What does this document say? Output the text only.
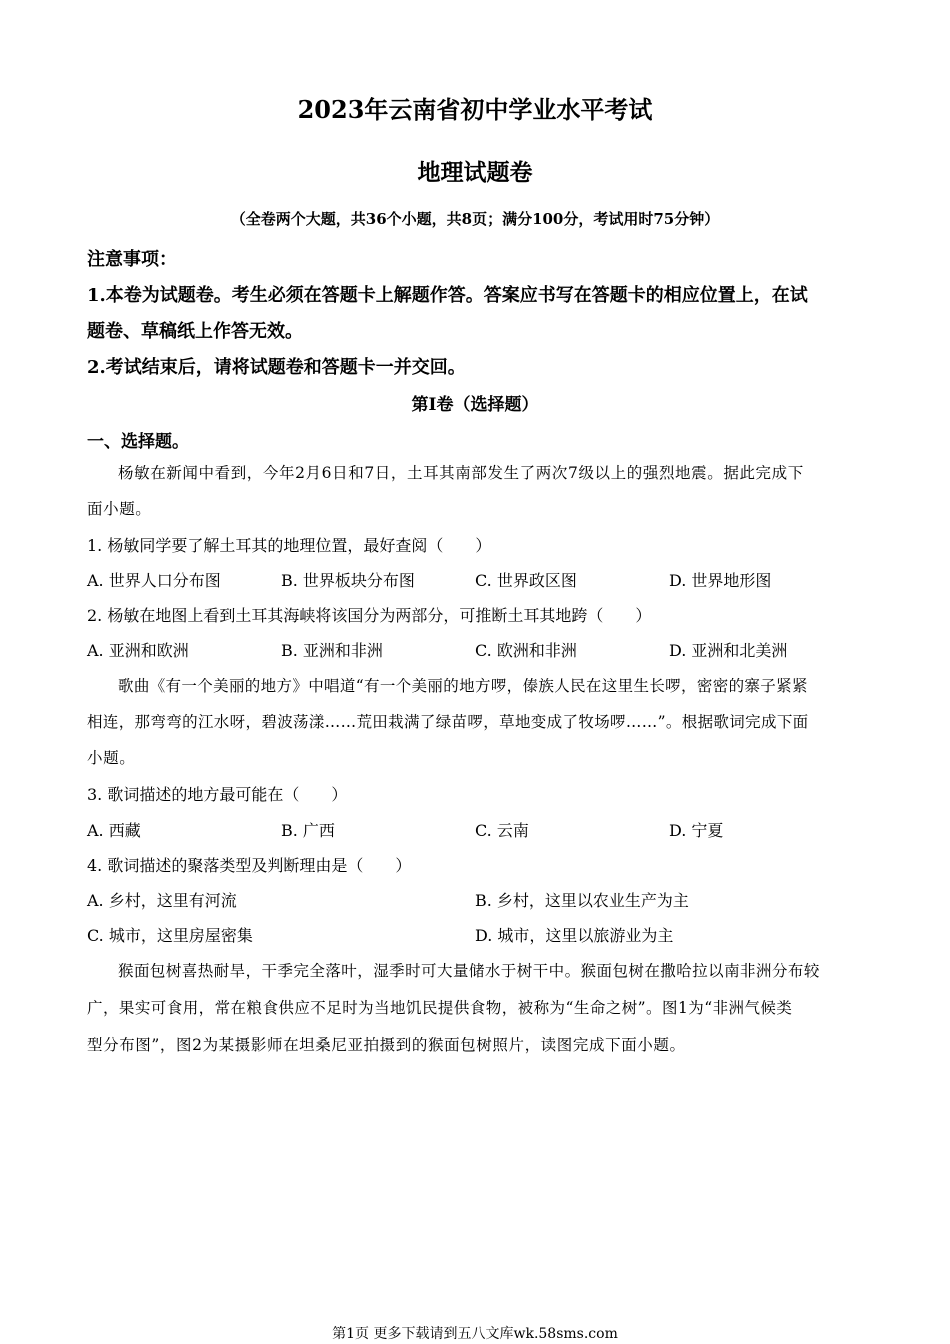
2023年云南省初中学业水平考试
地理试题卷
（全卷两个大题，共36个小题，共8页；满分100分，考试用时75分钟）
注意事项：
1.本卷为试题卷。考生必须在答题卡上解题作答。答案应书写在答题卡的相应位置上，在试
题卷、草稿纸上作答无效。
2.考试结束后，请将试题卷和答题卡一并交回。
第Ⅰ卷（选择题）
一、选择题。
杨敏在新闻中看到，今年2月6日和7日，土耳其南部发生了两次7级以上的强烈地震。据此完成下
面小题。
1. 杨敏同学要了解土耳其的地理位置，最好查阅（　　）
A. 世界人口分布图	B. 世界板块分布图	C. 世界政区图	D. 世界地形图
2. 杨敏在地图上看到土耳其海峡将该国分为两部分，可推断土耳其地跨（　　）
A. 亚洲和欧洲	B. 亚洲和非洲	C. 欧洲和非洲	D. 亚洲和北美洲
歌曲《有一个美丽的地方》中唱道“有一个美丽的地方啰，傣族人民在这里生长啰，密密的寨子紧紧
相连，那弯弯的江水呀，碧波荡漾……荒田栽满了绿苗啰，草地变成了牧场啰……”。根据歌词完成下面
小题。
3. 歌词描述的地方最可能在（　　）
A. 西藏	B. 广西	C. 云南	D. 宁夏
4. 歌词描述的聚落类型及判断理由是（　　）
A. 乡村，这里有河流	B. 乡村，这里以农业生产为主
C. 城市，这里房屋密集	D. 城市，这里以旅游业为主
猴面包树喜热耐旱，干季完全落叶，湿季时可大量储水于树干中。猴面包树在撒哈拉以南非洲分布较
广，果实可食用，常在粮食供应不足时为当地饥民提供食物，被称为“生命之树”。图1为“非洲气候类
型分布图”，图2为某摄影师在坦桑尼亚拍摄到的猴面包树照片，读图完成下面小题。
第1页 更多下载请到五八文库wk.58sms.com
